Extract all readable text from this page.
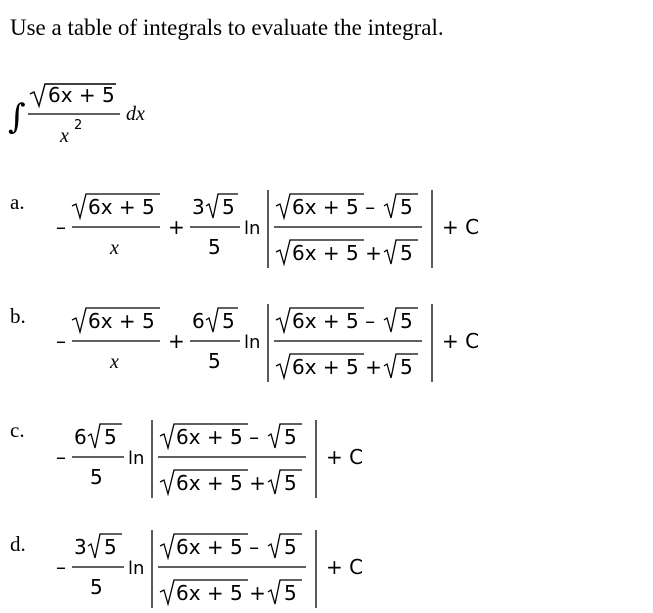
Use a table of integrals to evaluate the integral.
∫
6x + 5
x 2
dx
a.
–
6x + 5
x
+
3 5
5
ln
6x + 5 – 5
6x + 5 + 5
+ C
b.
–
6x + 5
x
+
6 5
5
ln
6x + 5 – 5
6x + 5 + 5
+ C
c.
–
6 5
5
ln
6x + 5 – 5
6x + 5 + 5
+ C
d.
–
3 5
5
ln
6x + 5 – 5
6x + 5 + 5
+ C
